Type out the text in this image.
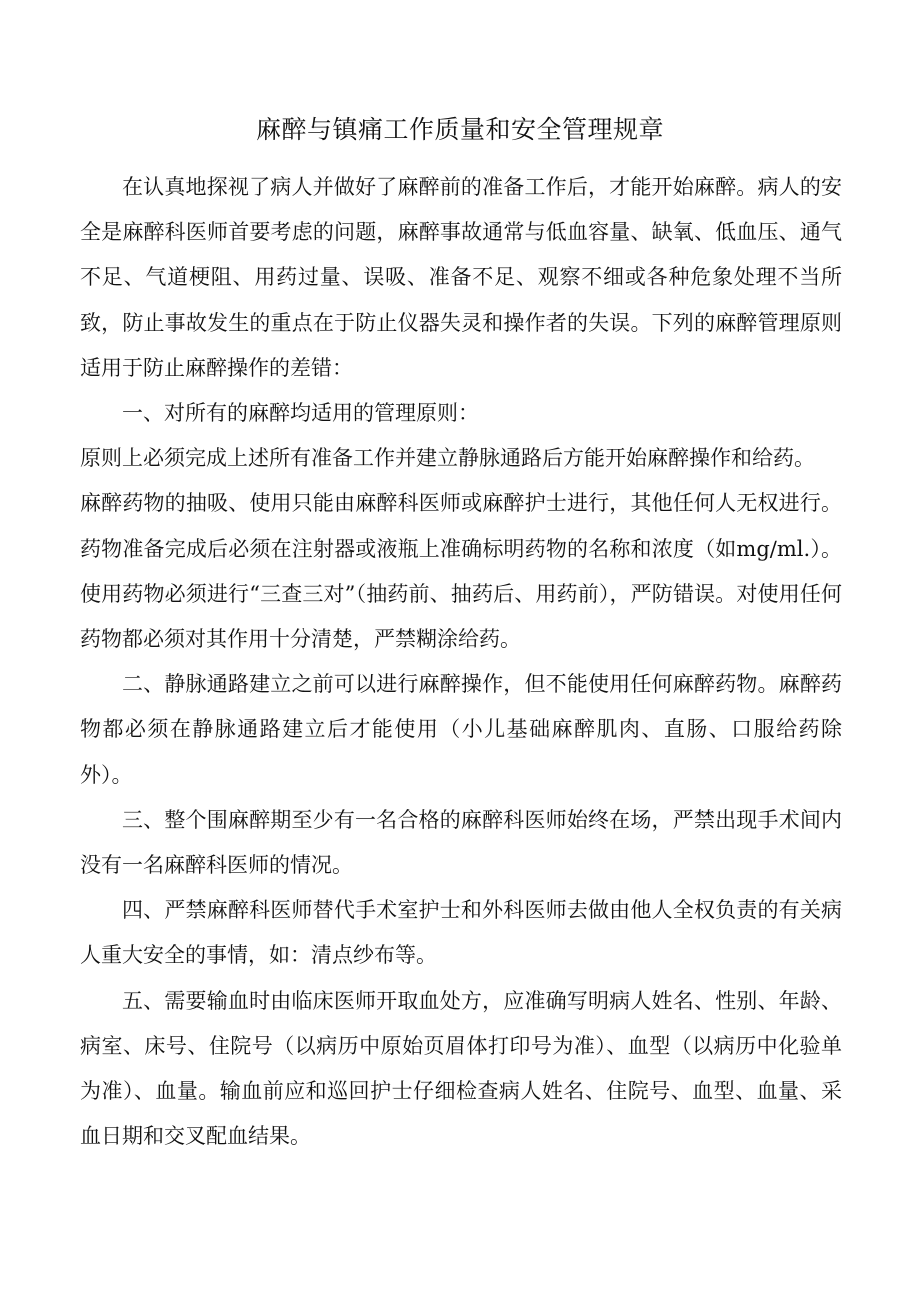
麻醉与镇痛工作质量和安全管理规章

在认真地探视了病人并做好了麻醉前的准备工作后，才能开始麻醉。病人的安全是麻醉科医师首要考虑的问题，麻醉事故通常与低血容量、缺氧、低血压、通气不足、气道梗阻、用药过量、误吸、准备不足、观察不细或各种危象处理不当所致，防止事故发生的重点在于防止仪器失灵和操作者的失误。下列的麻醉管理原则适用于防止麻醉操作的差错：

一、对所有的麻醉均适用的管理原则：

原则上必须完成上述所有准备工作并建立静脉通路后方能开始麻醉操作和给药。

麻醉药物的抽吸、使用只能由麻醉科医师或麻醉护士进行，其他任何人无权进行。药物准备完成后必须在注射器或液瓶上准确标明药物的名称和浓度（如mg∕ml.）。使用药物必须进行“三查三对”（抽药前、抽药后、用药前），严防错误。对使用任何药物都必须对其作用十分清楚，严禁糊涂给药。

二、静脉通路建立之前可以进行麻醉操作，但不能使用任何麻醉药物。麻醉药物都必须在静脉通路建立后才能使用（小儿基础麻醉肌肉、直肠、口服给药除外）。

三、整个围麻醉期至少有一名合格的麻醉科医师始终在场，严禁出现手术间内没有一名麻醉科医师的情况。

四、严禁麻醉科医师替代手术室护士和外科医师去做由他人全权负责的有关病人重大安全的事情，如：清点纱布等。

五、需要输血时由临床医师开取血处方，应准确写明病人姓名、性别、年龄、病室、床号、住院号（以病历中原始页眉体打印号为准）、血型（以病历中化验单为准）、血量。输血前应和巡回护士仔细检查病人姓名、住院号、血型、血量、采血日期和交叉配血结果。
